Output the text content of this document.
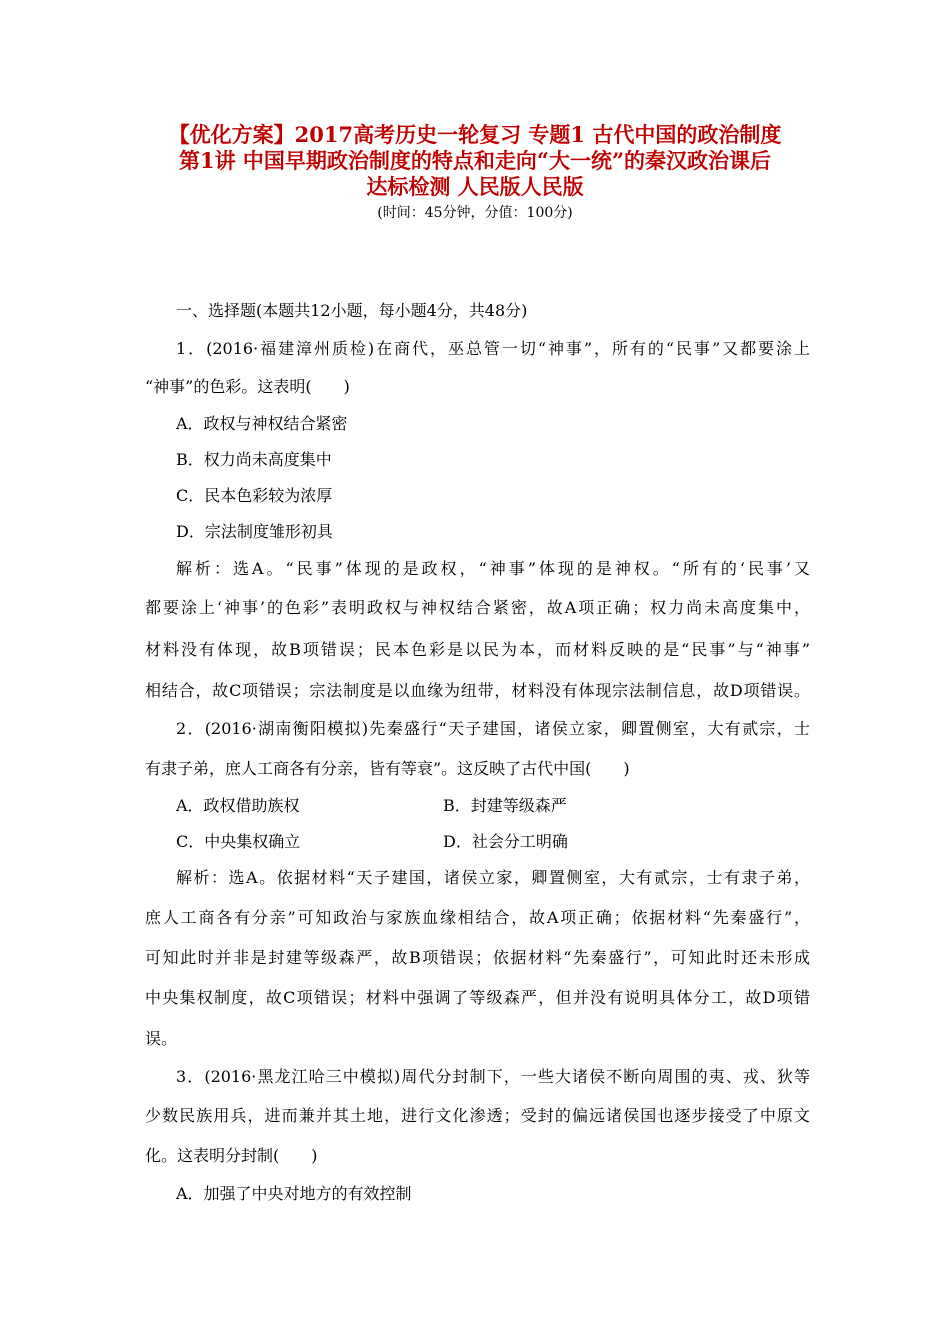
【优化方案】2017高考历史一轮复习 专题1 古代中国的政治制度
第1讲 中国早期政治制度的特点和走向“大一统”的秦汉政治课后
达标检测 人民版人民版
(时间：45分钟，分值：100分)
一、选择题(本题共12小题，每小题4分，共48分)
1．(2016·福建漳州质检)在商代，巫总管一切“神事”，所有的“民事”又都要涂上
“神事”的色彩。这表明(　　)
A．政权与神权结合紧密
B．权力尚未高度集中
C．民本色彩较为浓厚
D．宗法制度雏形初具
解析：选A。“民事”体现的是政权，“神事”体现的是神权。“所有的‘民事’又
都要涂上‘神事’的色彩”表明政权与神权结合紧密，故A项正确；权力尚未高度集中，
材料没有体现，故B项错误；民本色彩是以民为本，而材料反映的是“民事”与“神事”
相结合，故C项错误；宗法制度是以血缘为纽带，材料没有体现宗法制信息，故D项错误。
2．(2016·湖南衡阳模拟)先秦盛行“天子建国，诸侯立家，卿置侧室，大有贰宗，士
有隶子弟，庶人工商各有分亲，皆有等衰”。这反映了古代中国(　　)
A．政权借助族权	B．封建等级森严
C．中央集权确立	D．社会分工明确
解析：选A。依据材料“天子建国，诸侯立家，卿置侧室，大有贰宗，士有隶子弟，
庶人工商各有分亲”可知政治与家族血缘相结合，故A项正确；依据材料“先秦盛行”，
可知此时并非是封建等级森严，故B项错误；依据材料“先秦盛行”，可知此时还未形成
中央集权制度，故C项错误；材料中强调了等级森严，但并没有说明具体分工，故D项错
误。
3．(2016·黑龙江哈三中模拟)周代分封制下，一些大诸侯不断向周围的夷、戎、狄等
少数民族用兵，进而兼并其土地，进行文化渗透；受封的偏远诸侯国也逐步接受了中原文
化。这表明分封制(　　)
A．加强了中央对地方的有效控制
